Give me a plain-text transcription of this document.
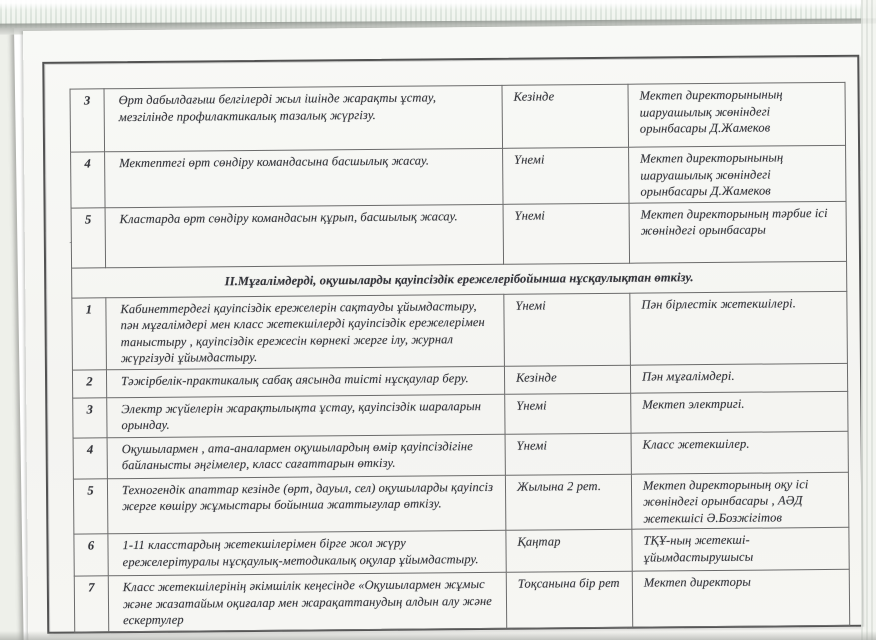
-
3	Өрт дабылдағыш белгілерді жыл ішінде жарақты ұстау, мезгілінде профилактикалық тазалық жүргізу.	Кезінде	Мектеп директорынының шаруашылық жөніндегі орынбасары Д.Жамеков
4	Мектептегі өрт сөндіру командасына басшылық жасау.	Үнемі	Мектеп директорынының шаруашылық жөніндегі орынбасары Д.Жамеков
5	Кластарда өрт сөндіру командасын құрып, басшылық жасау.	Үнемі	Мектеп директорының тәрбие ісі жөніндегі орынбасары
ІІ.Мұғалімдерді, оқушыларды қауіпсіздік ережелерібойынша нұсқаулықтан өткізу.			
1	Кабинеттердегі қауіпсіздік ережелерін сақтауды ұйымдастыру, пән мұғалімдері мен класс жетекшілерді қауіпсіздік ережелерімен таныстыру , қауіпсіздік ережесін көрнекі жерге ілу, журнал жүргізуді ұйымдастыру.	Үнемі	Пән бірлестік жетекшілері.
2	Тәжірбелік-практикалық сабақ аясында тиісті нұсқаулар беру.	Кезінде	Пән мұғалімдері.
3	Электр жүйелерін жарақтылықта ұстау, қауіпсіздік шараларын орындау.	Үнемі	Мектеп электригі.
4	Оқушылармен , ата-аналармен оқушылардың өмір қауіпсіздігіне байланысты әңгімелер, класс сағаттарын өткізу.	Үнемі	Класс жетекшілер.
5	Техногендік апаттар кезінде (өрт, дауыл, сел) оқушыларды қауіпсіз жерге көшіру жұмыстары бойынша жаттығулар өткізу.	Жылына 2 рет.	Мектеп директорының оқу ісі жөніндегі орынбасары , АӘД жетекшісі Ә.Бозжігітов
6	1-11 класстардың жетекшілерімен бірге жол жүру ережелерітуралы нұсқаулық-методикалық оқулар ұйымдастыру.	Қаңтар	ТҚҰ-ның жетекші-ұйымдастырушысы
7	Класс жетекшілерінің әкімшілік кеңесінде «Оқушылармен жұмыс және жазатайым оқиғалар мен жарақаттанудың алдын алу және ескертулер	Тоқсанына бір рет	Мектеп директоры
